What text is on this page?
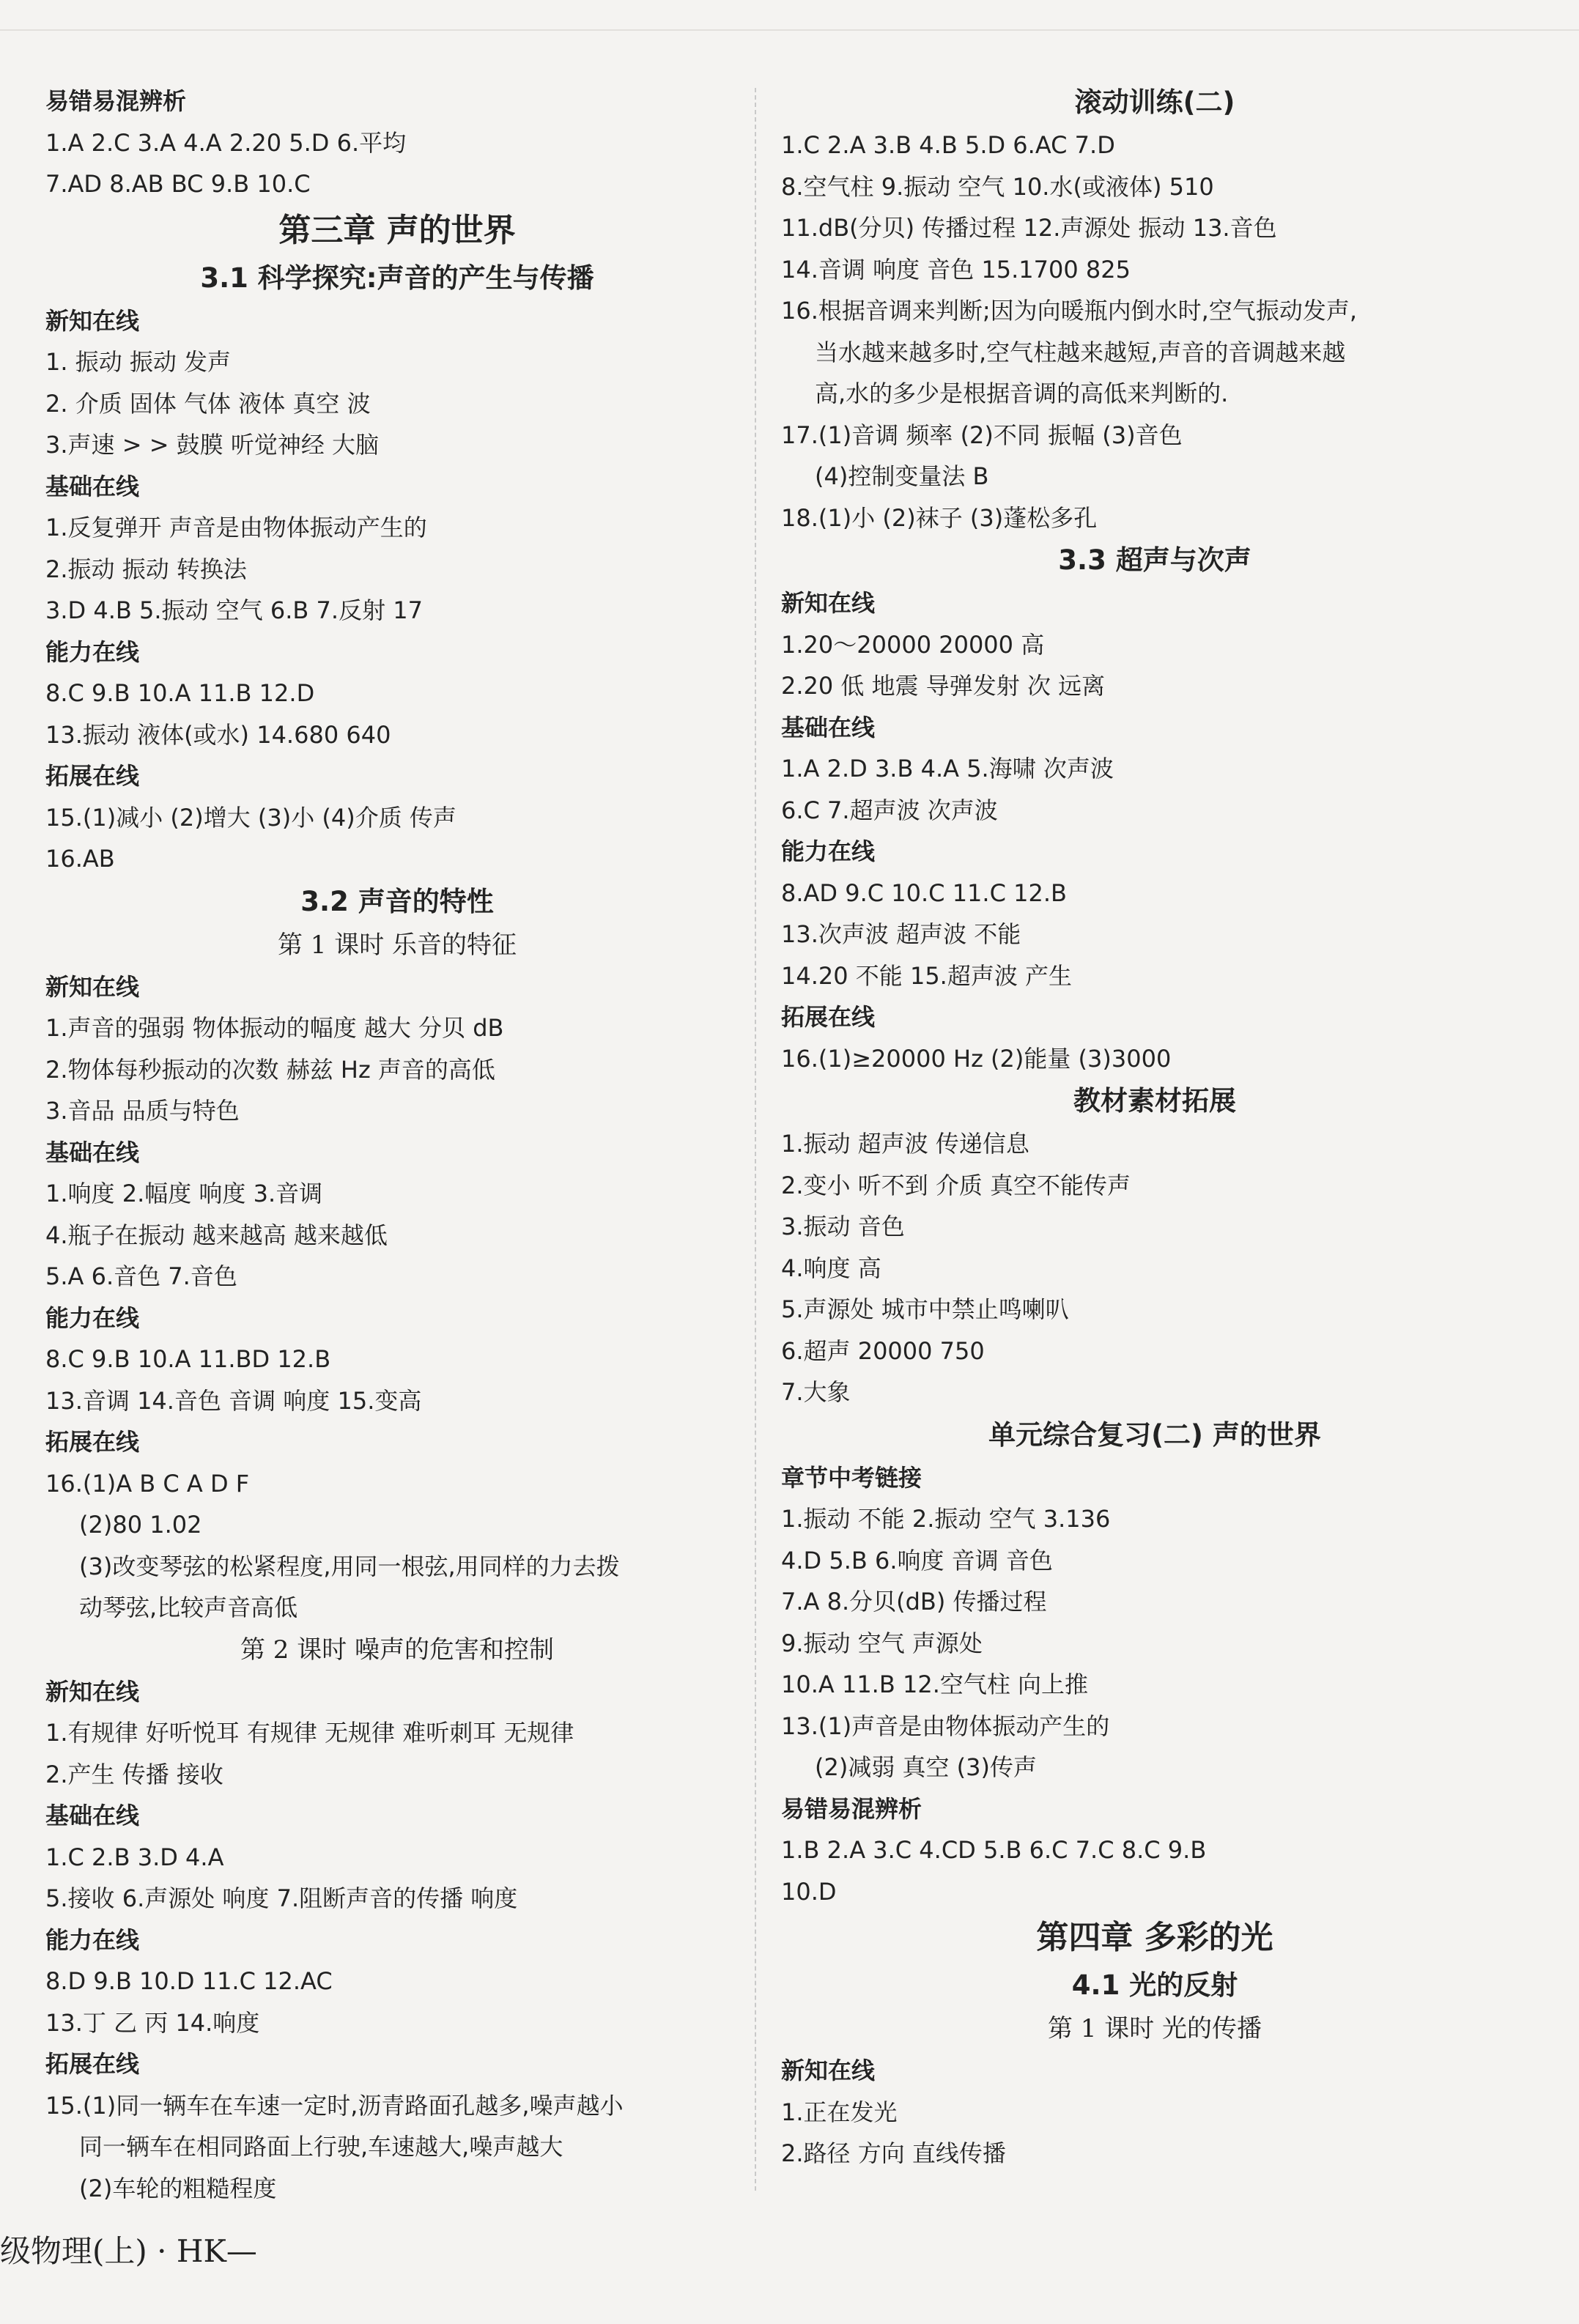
易错易混辨析
1.A 2.C 3.A 4.A 2.20 5.D 6.平均
7.AD 8.AB BC 9.B 10.C
第三章 声的世界
3.1 科学探究:声音的产生与传播
新知在线
1. 振动 振动 发声
2. 介质 固体 气体 液体 真空 波
3.声速 > > 鼓膜 听觉神经 大脑
基础在线
1.反复弹开 声音是由物体振动产生的
2.振动 振动 转换法
3.D 4.B 5.振动 空气 6.B 7.反射 17
能力在线
8.C 9.B 10.A 11.B 12.D
13.振动 液体(或水) 14.680 640
拓展在线
15.(1)减小 (2)增大 (3)小 (4)介质 传声
16.AB
3.2 声音的特性
第 1 课时 乐音的特征
新知在线
1.声音的强弱 物体振动的幅度 越大 分贝 dB
2.物体每秒振动的次数 赫兹 Hz 声音的高低
3.音品 品质与特色
基础在线
1.响度 2.幅度 响度 3.音调
4.瓶子在振动 越来越高 越来越低
5.A 6.音色 7.音色
能力在线
8.C 9.B 10.A 11.BD 12.B
13.音调 14.音色 音调 响度 15.变高
拓展在线
16.(1)A B C A D F
(2)80 1.02
(3)改变琴弦的松紧程度,用同一根弦,用同样的力去拨
动琴弦,比较声音高低
第 2 课时 噪声的危害和控制
新知在线
1.有规律 好听悦耳 有规律 无规律 难听刺耳 无规律
2.产生 传播 接收
基础在线
1.C 2.B 3.D 4.A
5.接收 6.声源处 响度 7.阻断声音的传播 响度
能力在线
8.D 9.B 10.D 11.C 12.AC
13.丁 乙 丙 14.响度
拓展在线
15.(1)同一辆车在车速一定时,沥青路面孔越多,噪声越小
同一辆车在相同路面上行驶,车速越大,噪声越大
(2)车轮的粗糙程度
滚动训练(二)
1.C 2.A 3.B 4.B 5.D 6.AC 7.D
8.空气柱 9.振动 空气 10.水(或液体) 510
11.dB(分贝) 传播过程 12.声源处 振动 13.音色
14.音调 响度 音色 15.1700 825
16.根据音调来判断;因为向暖瓶内倒水时,空气振动发声,
当水越来越多时,空气柱越来越短,声音的音调越来越
高,水的多少是根据音调的高低来判断的.
17.(1)音调 频率 (2)不同 振幅 (3)音色
(4)控制变量法 B
18.(1)小 (2)袜子 (3)蓬松多孔
3.3 超声与次声
新知在线
1.20～20000 20000 高
2.20 低 地震 导弹发射 次 远离
基础在线
1.A 2.D 3.B 4.A 5.海啸 次声波
6.C 7.超声波 次声波
能力在线
8.AD 9.C 10.C 11.C 12.B
13.次声波 超声波 不能
14.20 不能 15.超声波 产生
拓展在线
16.(1)≥20000 Hz (2)能量 (3)3000
教材素材拓展
1.振动 超声波 传递信息
2.变小 听不到 介质 真空不能传声
3.振动 音色
4.响度 高
5.声源处 城市中禁止鸣喇叭
6.超声 20000 750
7.大象
单元综合复习(二) 声的世界
章节中考链接
1.振动 不能 2.振动 空气 3.136
4.D 5.B 6.响度 音调 音色
7.A 8.分贝(dB) 传播过程
9.振动 空气 声源处
10.A 11.B 12.空气柱 向上推
13.(1)声音是由物体振动产生的
(2)减弱 真空 (3)传声
易错易混辨析
1.B 2.A 3.C 4.CD 5.B 6.C 7.C 8.C 9.B
10.D
第四章 多彩的光
4.1 光的反射
第 1 课时 光的传播
新知在线
1.正在发光
2.路径 方向 直线传播
级物理(上) · HK—
